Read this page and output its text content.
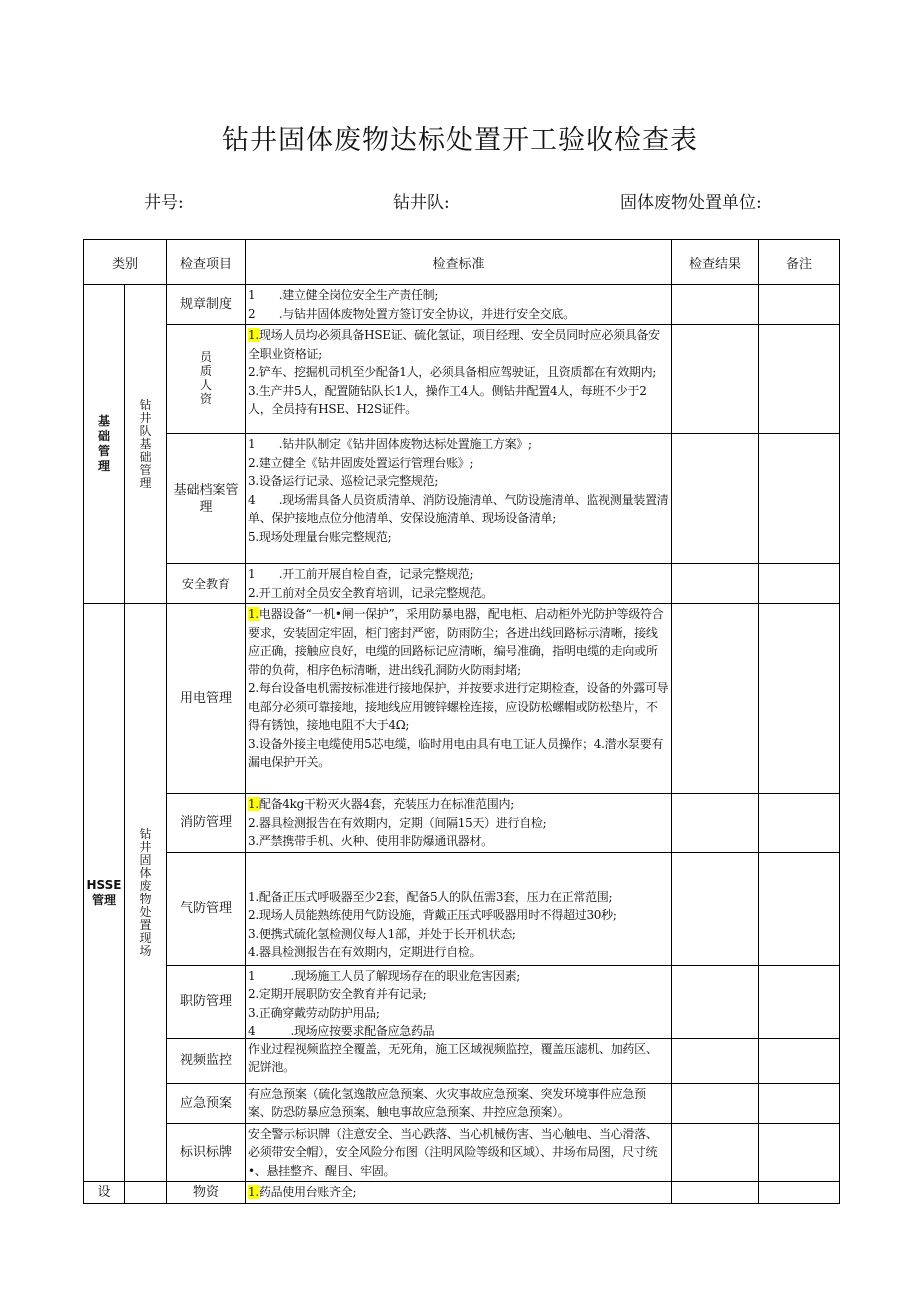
钻井固体废物达标处置开工验收检查表
井号:	钻井队:	固体废物处置单位:
类别		检查项目	检查标准	检查结果	备注
基础管理	钻井队基础管理	规章制度	1　　.建立健全岗位安全生产责任制;
2　　.与钻井固体废物处置方签订安全协议，并进行安全交底。		

		员质人资	1.现场人员均必须具备HSE证、硫化氢证，项目经理、安全员同时应必须具备安全职业资格证;
2.铲车、挖掘机司机至少配备1人，必须具备相应驾驶证，且资质都在有效期内;
3.生产井5人，配置随钻队长1人，操作工4人。侧钻井配置4人，每班不少于2人，全员持有HSE、H2S证件。		

		基础档案管理	1　　.钻井队制定《钻井固体废物达标处置施工方案》;
2.建立健全《钻井固废处置运行管理台账》;
3.设备运行记录、巡检记录完整规范;
4　　.现场需具备人员资质清单、消防设施清单、气防设施清单、监视测量装置清单、保护接地点位分他清单、安保设施清单、现场设备清单;
5.现场处理量台账完整规范;		

		安全教育	1　　.开工前开展自检自查，记录完整规范;
2.开工前对全员安全教育培训，记录完整规范。		

HSSE管理	钻井固体废物处置现场	用电管理	1.电器设备“一机•闸一保护”，采用防暴电器，配电柜、启动柜外光防护等级符合要求，安装固定牢固，柜门密封严密，防雨防尘；各进出线回路标示清晰，接线应正确，接触应良好，电缆的回路标记应清晰，编号准确，指明电缆的走向或所带的负荷，相序色标清晰，进出线孔洞防火防雨封堵;
2.每台设备电机需按标准进行接地保护，并按要求进行定期检查，设备的外露可导电部分必须可靠接地，接地线应用镀锌螺栓连接，应设防松螺帽或防松垫片，不得有锈蚀，接地电阻不大于4Ω;
3.设备外接主电缆使用5芯电缆，临时用电由具有电工证人员操作；4.潜水泵要有漏电保护开关。		

		消防管理	1.配备4kg干粉灭火器4套，充装压力在标准范围内;
2.器具检测报告在有效期内，定期（间隔15天）进行自检;
3.严禁携带手机、火种、使用非防爆通讯器材。		

		气防管理	1.配备正压式呼吸器至少2套，配备5人的队伍需3套，压力在正常范围;
2.现场人员能熟练使用气防设施，背戴正压式呼吸器用时不得超过30秒;
3.便携式硫化氢检测仪每人1部，并处于长开机状态;
4.器具检测报告在有效期内，定期进行自检。		

		职防管理	1　　　.现场施工人员了解现场存在的职业危害因素;
2.定期开展职防安全教育并有记录;
3.正确穿戴劳动防护用品;
4　　　.现场应按要求配备应急药品		

		视频监控	作业过程视频监控全覆盖，无死角，施工区域视频监控，覆盖压滤机、加药区、泥饼池。		

		应急预案	有应急预案（硫化氢逸散应急预案、火灾事故应急预案、突发环境事件应急预案、防恐防暴应急预案、触电事故应急预案、井控应急预案）。		

		标识标牌	安全警示标识牌（注意安全、当心跌落、当心机械伤害、当心触电、当心滑落、必须带安全帽），安全风险分布图（注明风险等级和区域）、井场布局图，尺寸统•、悬挂整齐、醒目、牢固。		

设		物资	1.药品使用台账齐全;		
